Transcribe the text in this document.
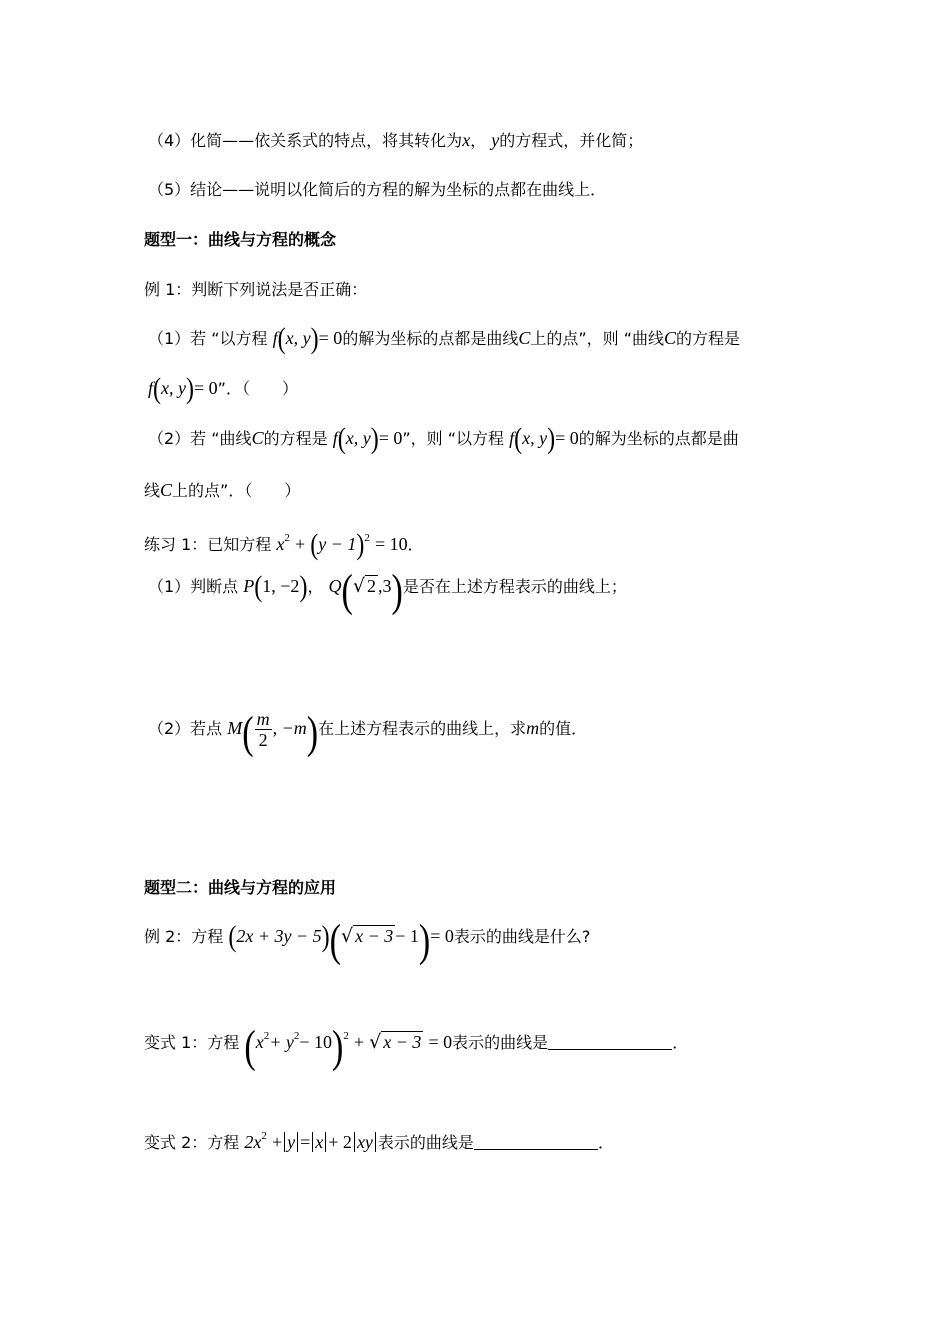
（4）化简——依关系式的特点，将其转化为x， y的方程式，并化简；
（5）结论——说明以化简后的方程的解为坐标的点都在曲线上．
题型一：曲线与方程的概念
例 1：判断下列说法是否正确：
（1）若 “以方程 f(x, y)= 0的解为坐标的点都是曲线C上的点”，则 “曲线C的方程是
f(x, y)= 0”．（　　）
（2）若 “曲线C的方程是 f(x, y)= 0”，则 “以方程 f(x, y)= 0的解为坐标的点都是曲
线C上的点”．（　　）
练习 1：已知方程 $x^2 + (y - 1)^2 = 10$．
（1）判断点 P(1, −2)， Q(√ 2 ,3)是否在上述方程表示的曲线上；
（2）若点 $M( \frac{m}{2}$ , −m)在上述方程表示的曲线上，求m的值．
题型二：曲线与方程的应用
例 2：方程 (2x + 3y − 5)(√ x − 3 − 1)= 0表示的曲线是什么?
变式 1：方程 $(x^2+ y^2- 10)^2$ + √ x − 3 = 0表示的曲线是	．
变式 2：方程 $2x^2 + y = x + 2$ xy 表示的曲线是	．
